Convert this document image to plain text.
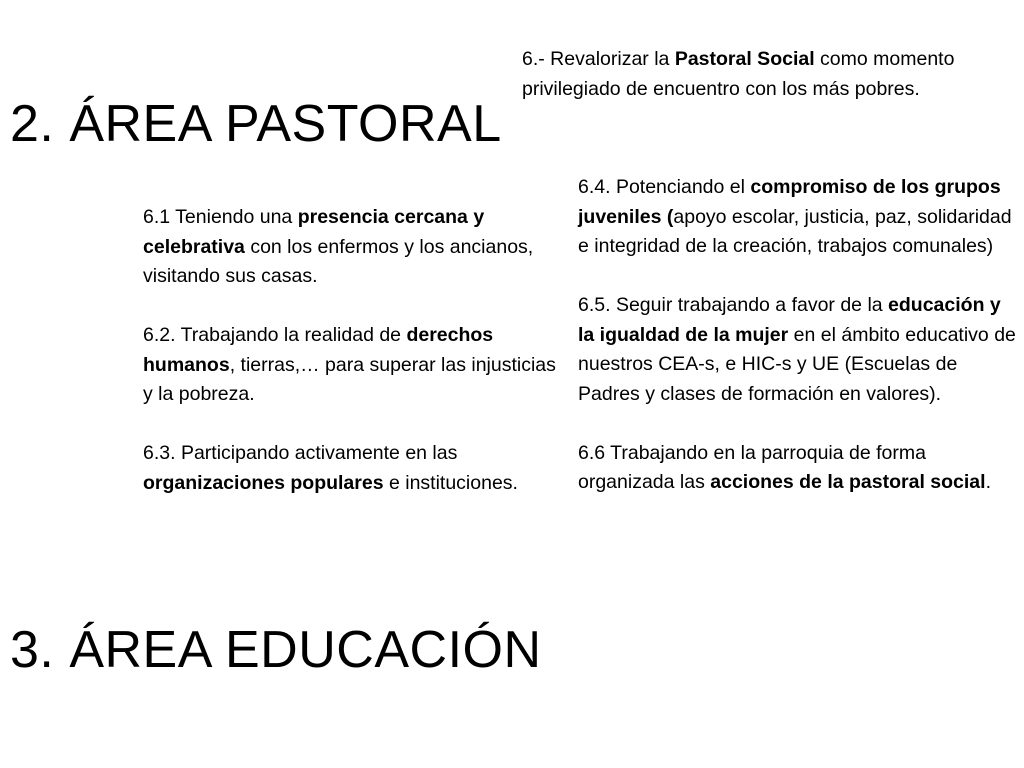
2. ÁREA PASTORAL

6.- Revalorizar la Pastoral Social como momento privilegiado de encuentro con los más pobres.

6.1 Teniendo una presencia cercana y celebrativa con los enfermos y los ancianos, visitando sus casas.

6.2. Trabajando la realidad de derechos humanos, tierras,… para superar las injusticias y la pobreza.

6.3. Participando activamente en las organizaciones populares e instituciones.

6.4. Potenciando el compromiso de los grupos juveniles (apoyo escolar, justicia, paz, solidaridad e integridad de la creación, trabajos comunales)

6.5. Seguir trabajando a favor de la educación y la igualdad de la mujer en el ámbito educativo de nuestros CEA-s, e HIC-s y UE (Escuelas de Padres y clases de formación en valores).

6.6 Trabajando en la parroquia de forma organizada las acciones de la pastoral social.

3. ÁREA EDUCACIÓN
